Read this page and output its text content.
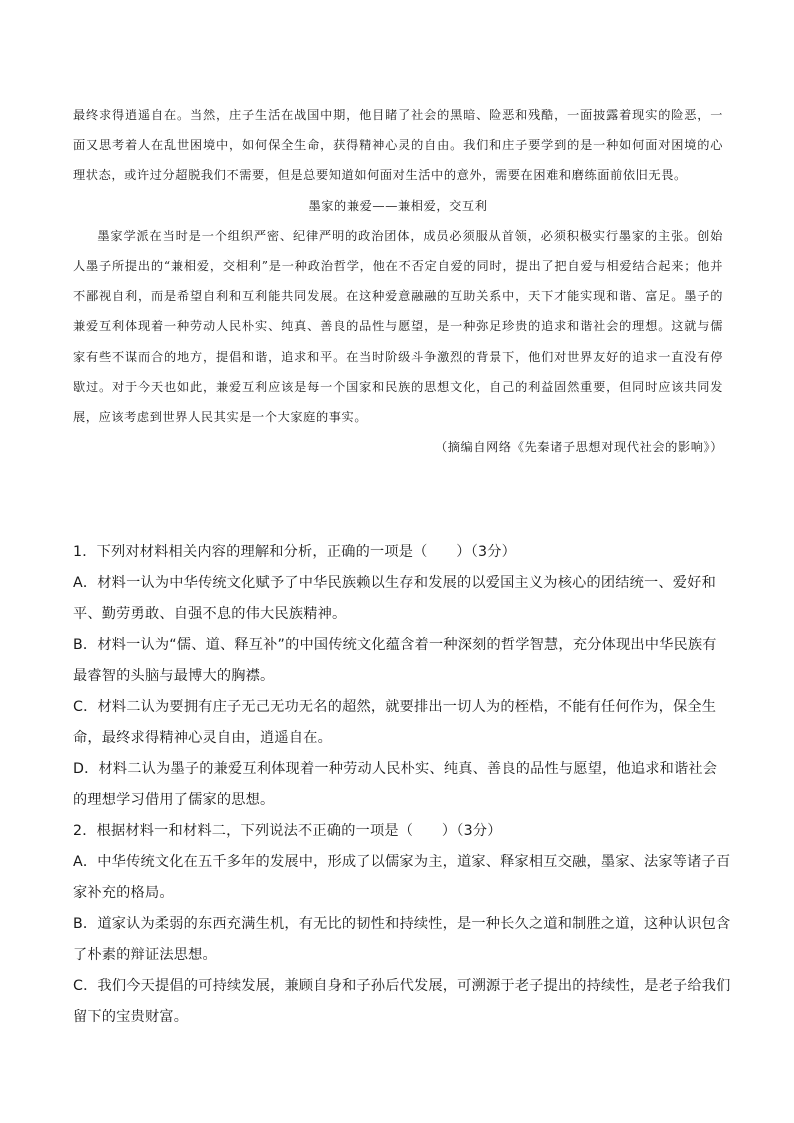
最终求得逍遥自在。当然，庄子生活在战国中期，他目睹了社会的黑暗、险恶和残酷，一面披露着现实的险恶，一面又思考着人在乱世困境中，如何保全生命，获得精神心灵的自由。我们和庄子要学到的是一种如何面对困境的心理状态，或许过分超脱我们不需要，但是总要知道如何面对生活中的意外，需要在困难和磨练面前依旧无畏。

墨家的兼爱——兼相爱，交互利

墨家学派在当时是一个组织严密、纪律严明的政治团体，成员必须服从首领，必须积极实行墨家的主张。创始人墨子所提出的“兼相爱，交相利”是一种政治哲学，他在不否定自爱的同时，提出了把自爱与相爱结合起来；他并不鄙视自利，而是希望自利和互利能共同发展。在这种爱意融融的互助关系中，天下才能实现和谐、富足。墨子的兼爱互利体现着一种劳动人民朴实、纯真、善良的品性与愿望，是一种弥足珍贵的追求和谐社会的理想。这就与儒家有些不谋而合的地方，提倡和谐，追求和平。在当时阶级斗争激烈的背景下，他们对世界友好的追求一直没有停歇过。对于今天也如此，兼爱互利应该是每一个国家和民族的思想文化，自己的利益固然重要，但同时应该共同发展，应该考虑到世界人民其实是一个大家庭的事实。

（摘编自网络《先秦诸子思想对现代社会的影响》）

1．下列对材料相关内容的理解和分析，正确的一项是（　　）（3分）

A．材料一认为中华传统文化赋予了中华民族赖以生存和发展的以爱国主义为核心的团结统一、爱好和平、勤劳勇敢、自强不息的伟大民族精神。

B．材料一认为“儒、道、释互补”的中国传统文化蕴含着一种深刻的哲学智慧，充分体现出中华民族有最睿智的头脑与最博大的胸襟。

C．材料二认为要拥有庄子无己无功无名的超然，就要排出一切人为的桎梏，不能有任何作为，保全生命，最终求得精神心灵自由，逍遥自在。

D．材料二认为墨子的兼爱互利体现着一种劳动人民朴实、纯真、善良的品性与愿望，他追求和谐社会的理想学习借用了儒家的思想。

2．根据材料一和材料二，下列说法不正确的一项是（　　）（3分）

A．中华传统文化在五千多年的发展中，形成了以儒家为主，道家、释家相互交融，墨家、法家等诸子百家补充的格局。

B．道家认为柔弱的东西充满生机，有无比的韧性和持续性，是一种长久之道和制胜之道，这种认识包含了朴素的辩证法思想。

C．我们今天提倡的可持续发展，兼顾自身和子孙后代发展，可溯源于老子提出的持续性，是老子给我们留下的宝贵财富。
